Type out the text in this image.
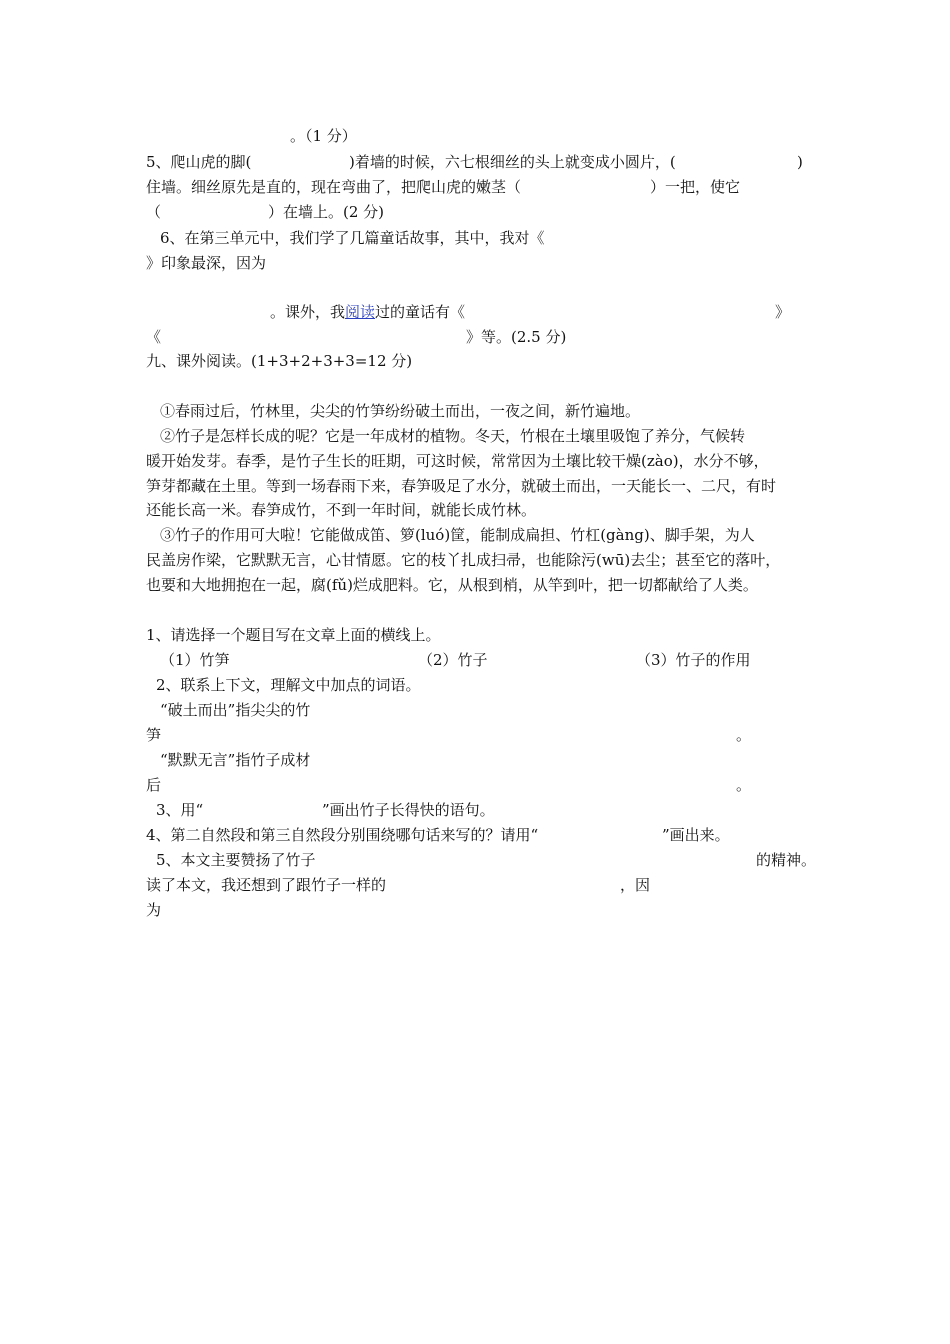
。（1 分）
5、爬山虎的脚(	)着墙的时候，六七根细丝的头上就变成小圆片，(	)
住墙。细丝原先是直的，现在弯曲了，把爬山虎的嫩茎（	）一把，使它
（	）在墙上。(2 分)
6、在第三单元中，我们学了几篇童话故事，其中，我对《
》印象最深，因为
。课外，我阅读过的童话有《	》
《	》等。(2.5 分)
九、课外阅读。(1+3+2+3+3=12 分)
①春雨过后，竹林里，尖尖的竹笋纷纷破土而出，一夜之间，新竹遍地。
②竹子是怎样长成的呢？它是一年成材的植物。冬天，竹根在土壤里吸饱了养分，气候转
暖开始发芽。春季，是竹子生长的旺期，可这时候，常常因为土壤比较干燥(zào)，水分不够，
笋芽都藏在土里。等到一场春雨下来，春笋吸足了水分，就破土而出，一天能长一、二尺，有时
还能长高一米。春笋成竹，不到一年时间，就能长成竹林。
③竹子的作用可大啦！它能做成笛、箩(luó)筐，能制成扁担、竹杠(gàng)、脚手架，为人
民盖房作梁，它默默无言，心甘情愿。它的枝丫扎成扫帚，也能除污(wū)去尘；甚至它的落叶，
也要和大地拥抱在一起，腐(fǔ)烂成肥料。它，从根到梢，从竿到叶，把一切都献给了人类。
1、请选择一个题目写在文章上面的横线上。
（1）竹笋	（2）竹子	（3）竹子的作用
2、联系上下文，理解文中加点的词语。
“破土而出”指尖尖的竹
笋	。
“默默无言”指竹子成材
后	。
3、用“	”画出竹子长得快的语句。
4、第二自然段和第三自然段分别围绕哪句话来写的？请用“	”画出来。
5、本文主要赞扬了竹子	的精神。
读了本文，我还想到了跟竹子一样的	，因
为
